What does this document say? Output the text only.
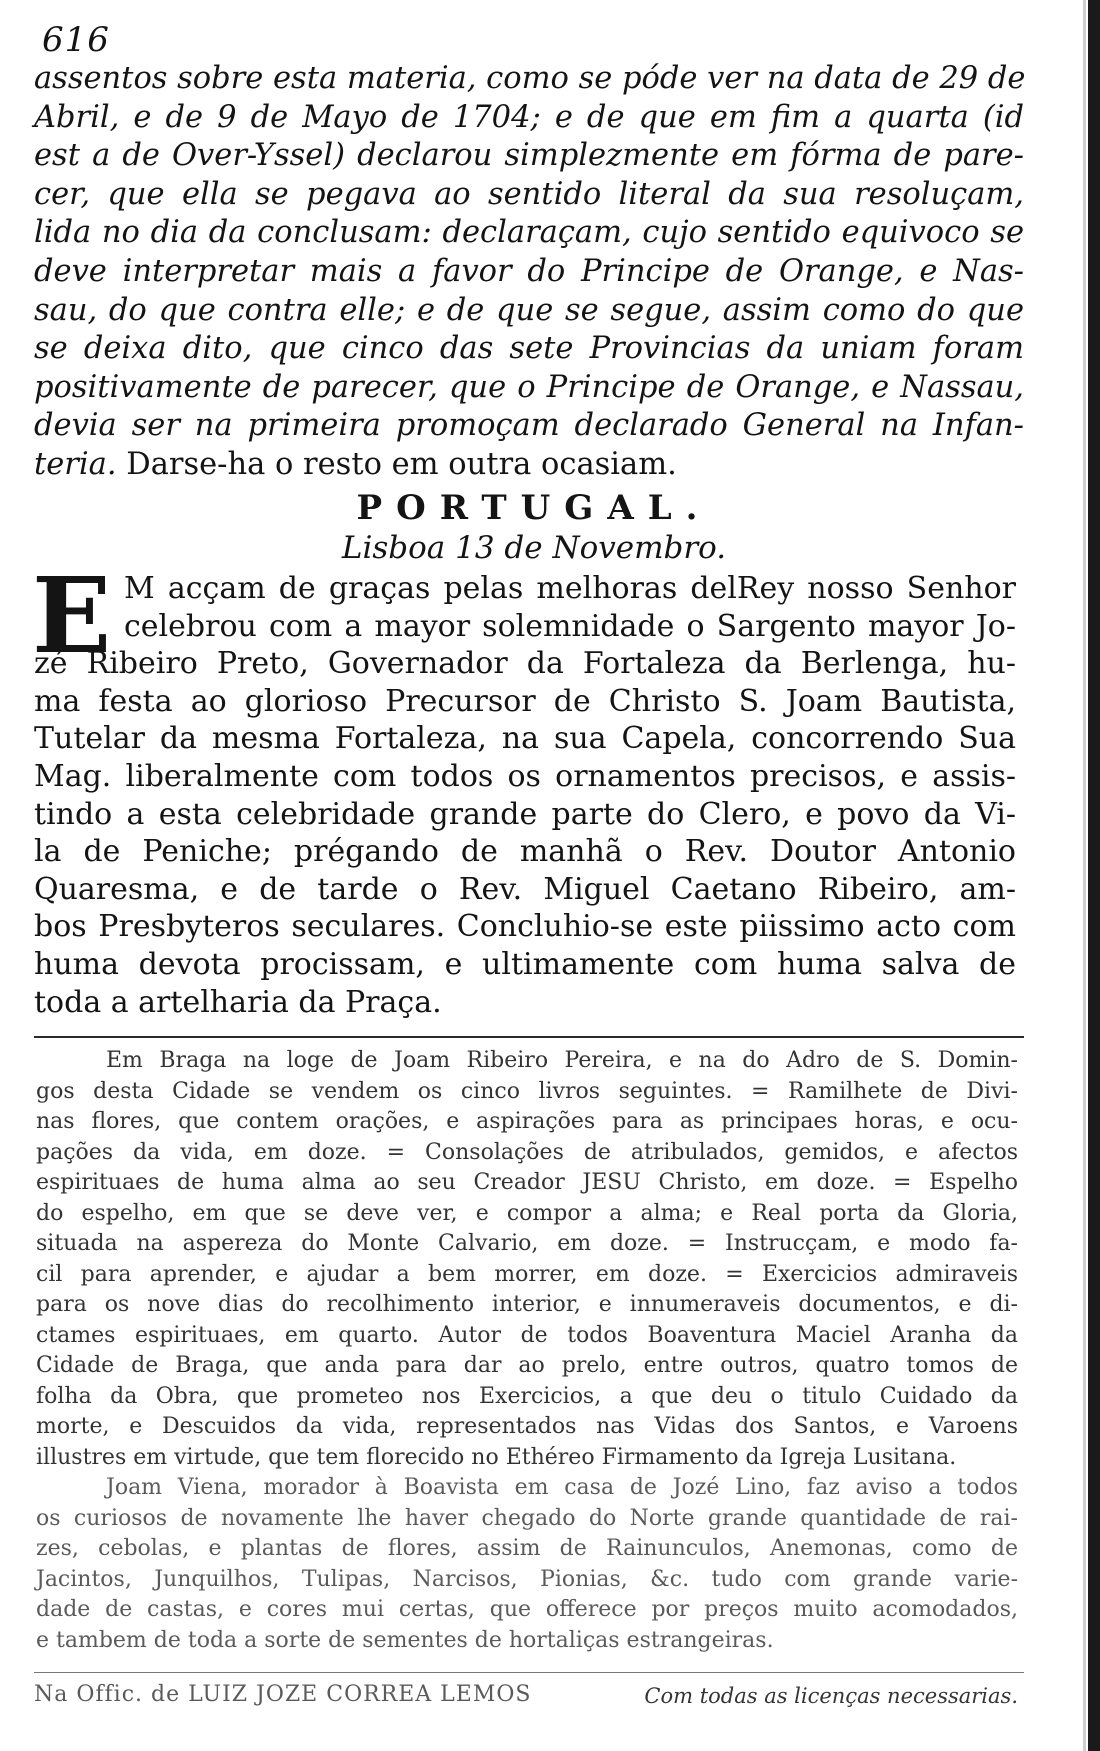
616
assentos sobre esta materia, como se póde ver na data de 29 de
Abril, e de 9 de Mayo de 1704; e de que em fim a quarta (id
est a de Over-Yssel) declarou simplezmente em fórma de pare-
cer, que ella se pegava ao sentido literal da sua resoluçam,
lida no dia da conclusam: declaraçam, cujo sentido equivoco se
deve interpretar mais a favor do Principe de Orange, e Nas-
sau, do que contra elle; e de que se segue, assim como do que
se deixa dito, que cinco das sete Provincias da uniam foram
positivamente de parecer, que o Principe de Orange, e Nassau,
devia ser na primeira promoçam declarado General na Infan-
teria. Darse-ha o resto em outra ocasiam.
PORTUGAL.
Lisboa 13 de Novembro.
E M acçam de graças pelas melhoras delRey nosso Senhor
celebrou com a mayor solemnidade o Sargento mayor Jo-
zé Ribeiro Preto, Governador da Fortaleza da Berlenga, hu-
ma festa ao glorioso Precursor de Christo S. Joam Bautista,
Tutelar da mesma Fortaleza, na sua Capela, concorrendo Sua
Mag. liberalmente com todos os ornamentos precisos, e assis-
tindo a esta celebridade grande parte do Clero, e povo da Vi-
la de Peniche; prégando de manhã o Rev. Doutor Antonio
Quaresma, e de tarde o Rev. Miguel Caetano Ribeiro, am-
bos Presbyteros seculares. Concluhio-se este piissimo acto com
huma devota procissam, e ultimamente com huma salva de
toda a artelharia da Praça.
Em Braga na loge de Joam Ribeiro Pereira, e na do Adro de S. Domin-
gos desta Cidade se vendem os cinco livros seguintes. = Ramilhete de Divi-
nas flores, que contem orações, e aspirações para as principaes horas, e ocu-
pações da vida, em doze. = Consolações de atribulados, gemidos, e afectos
espirituaes de huma alma ao seu Creador JESU Christo, em doze. = Espelho
do espelho, em que se deve ver, e compor a alma; e Real porta da Gloria,
situada na aspereza do Monte Calvario, em doze. = Instrucçam, e modo fa-
cil para aprender, e ajudar a bem morrer, em doze. = Exercicios admiraveis
para os nove dias do recolhimento interior, e innumeraveis documentos, e di-
ctames espirituaes, em quarto. Autor de todos Boaventura Maciel Aranha da
Cidade de Braga, que anda para dar ao prelo, entre outros, quatro tomos de
folha da Obra, que prometeo nos Exercicios, a que deu o titulo Cuidado da
morte, e Descuidos da vida, representados nas Vidas dos Santos, e Varoens
illustres em virtude, que tem florecido no Ethéreo Firmamento da Igreja Lusitana.
Joam Viena, morador à Boavista em casa de Jozé Lino, faz aviso a todos
os curiosos de novamente lhe haver chegado do Norte grande quantidade de rai-
zes, cebolas, e plantas de flores, assim de Rainunculos, Anemonas, como de
Jacintos, Junquilhos, Tulipas, Narcisos, Pionias, &c. tudo com grande varie-
dade de castas, e cores mui certas, que offerece por preços muito acomodados,
e tambem de toda a sorte de sementes de hortaliças estrangeiras.
Na Offic. de LUIZ JOZE CORREA LEMOS	Com todas as licenças necessarias.
